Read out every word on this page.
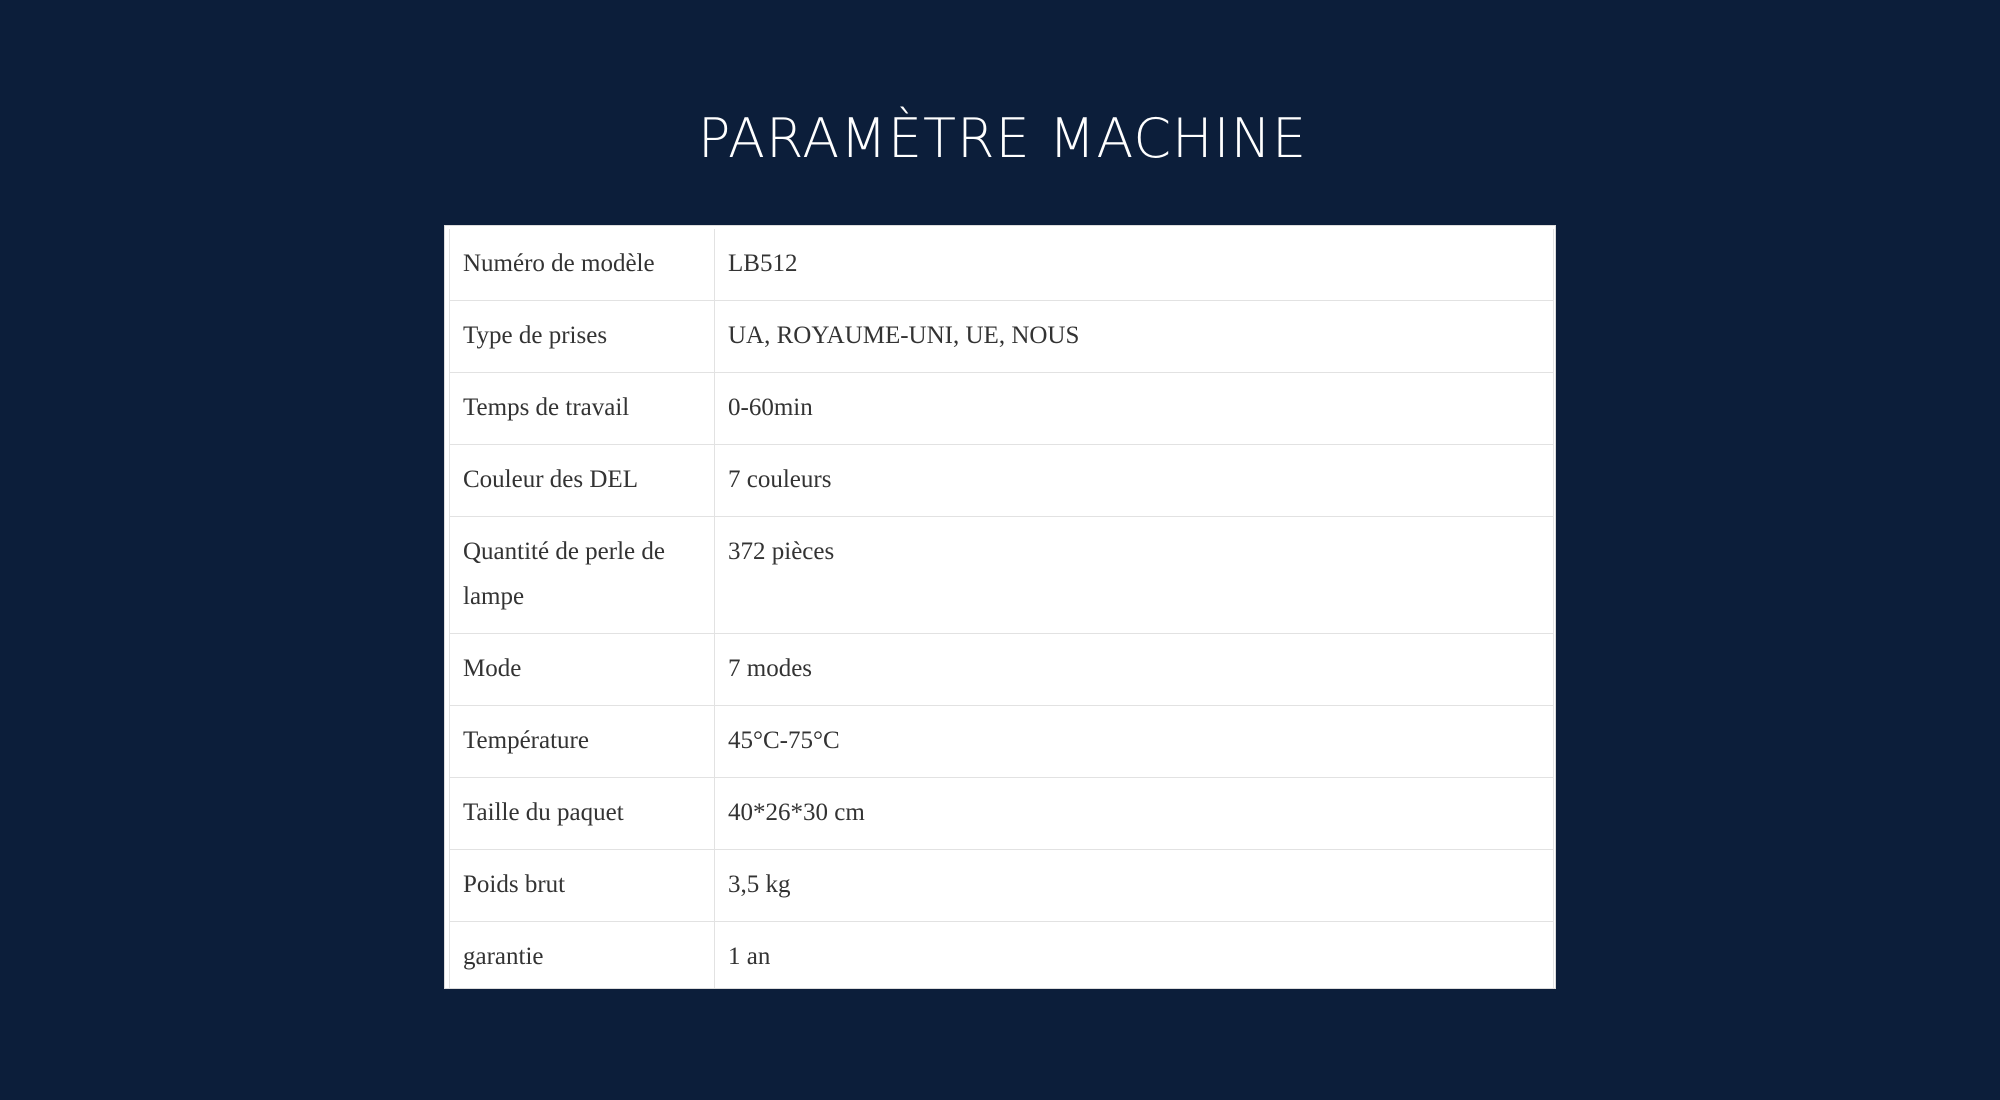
PARAMÈTRE MACHINE
Numéro de modèle	LB512
Type de prises	UA, ROYAUME-UNI, UE, NOUS
Temps de travail	0-60min
Couleur des DEL	7 couleurs
Quantité de perle de lampe	372 pièces
Mode	7 modes
Température	45°C-75°C
Taille du paquet	40*26*30 cm
Poids brut	3,5 kg
garantie	1 an
